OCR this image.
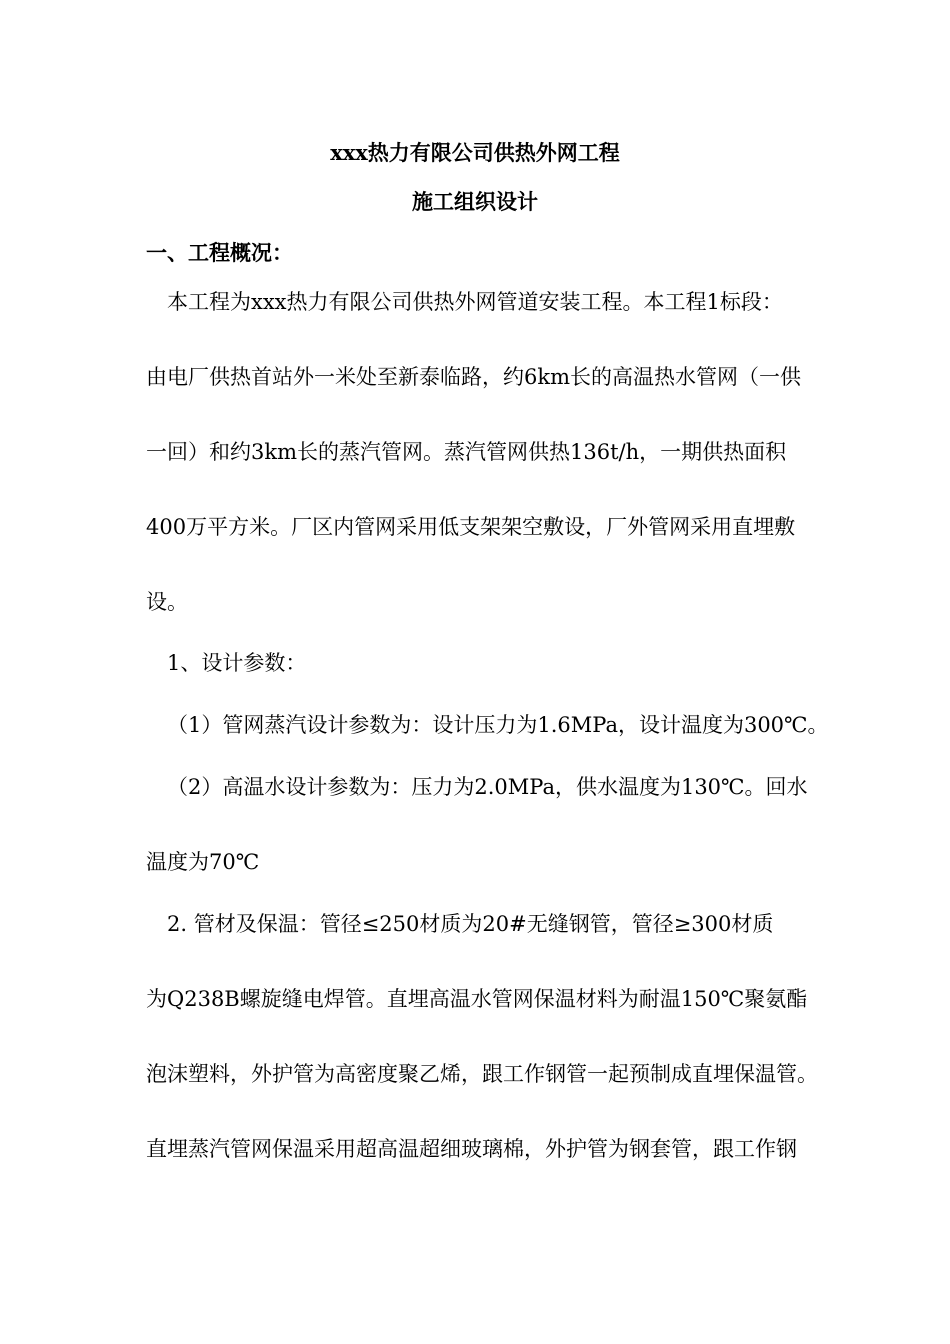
xxx热力有限公司供热外网工程
施工组织设计
一、工程概况：
本工程为xxx热力有限公司供热外网管道安装工程。本工程1标段：
由电厂供热首站外一米处至新泰临路，约6km长的高温热水管网（一供
一回）和约3km长的蒸汽管网。蒸汽管网供热136t/h，一期供热面积
400万平方米。厂区内管网采用低支架架空敷设，厂外管网采用直埋敷
设。
1、设计参数：
（1）管网蒸汽设计参数为：设计压力为1.6MPa，设计温度为300℃。
（2）高温水设计参数为：压力为2.0MPa，供水温度为130℃。回水
温度为70℃
2. 管材及保温：管径≤250材质为20#无缝钢管，管径≥300材质
为Q238B螺旋缝电焊管。直埋高温水管网保温材料为耐温150℃聚氨酯
泡沫塑料，外护管为高密度聚乙烯，跟工作钢管一起预制成直埋保温管。
直埋蒸汽管网保温采用超高温超细玻璃棉，外护管为钢套管，跟工作钢
